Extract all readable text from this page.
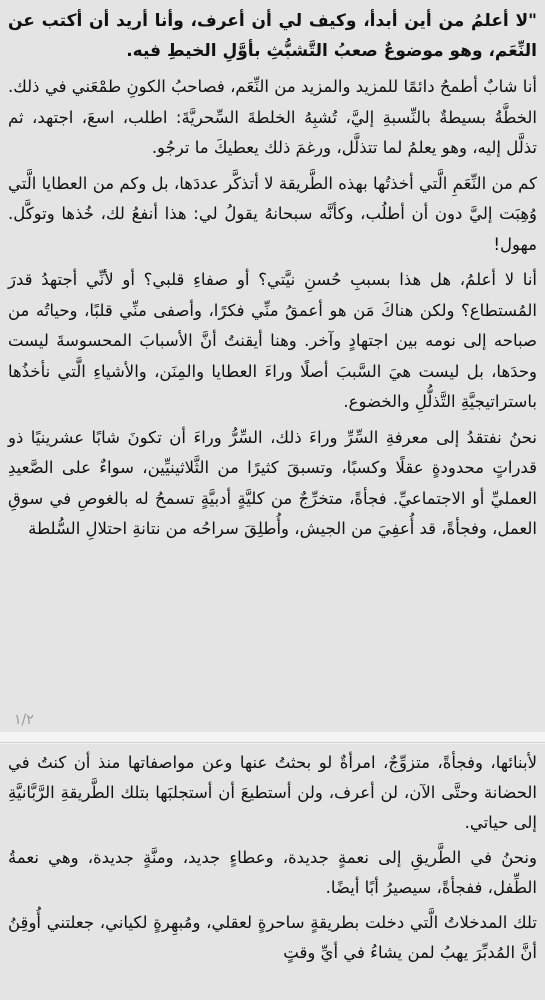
"لا أعلمُ من أين أبدأ، وكيف لي أن أعرف، وأنا أريد أن أكتب عن النِّعَم، وهو موضوعٌ صعبُ التَّشبُّثِ بأوَّلِ الخيطِ فيه.

أنا شابٌ أطمحُ دائمًا للمزيد والمزيد من النِّعَم، فصاحبُ الكونِ طمْعَني في ذلك. الخطَّةُ بسيطةٌ بالنِّسبةِ إليَّ، تُشبِهُ الخلطةَ السِّحريَّةَ: اطلب، اسعَ، اجتهد، ثم تذلَّل إليه، وهو يعلمُ لما تتذلَّل، ورغمَ ذلك يعطيكَ ما ترجُو.

كم من النِّعَمِ الَّتي أخذتُها بهذه الطَّريقة لا أتذكَّر عددَها، بل وكم من العطايا الَّتي وُهِبَت إليَّ دون أن أطلُب، وكأنَّه سبحانهُ يقولُ لي: هذا أنفعُ لك، خُذها وتوكَّل. مهول!

أنا لا أعلمُ، هل هذا بسببِ حُسنِ نيَّتي؟ أو صفاءِ قلبي؟ أو لأنِّي أجتهدُ قدرَ المُستطاع؟ ولكن هناكَ مَن هو أعمقُ منِّي فكرًا، وأصفى منِّي قلبًا، وحياتُه من صباحه إلى نومه بين اجتهادٍ وآخر. وهنا أيقنتُ أنَّ الأسبابَ المحسوسةَ ليست وحدَها، بل ليست هيَ السَّببَ أصلًا وراءَ العطايا والمِنَن، والأشياءِ الَّتي نأخذُها باستراتيجيَّةِ التَّذلُّلِ والخضوع.

نحنُ نفتقدُ إلى معرفةِ السِّرِّ وراءَ ذلك، السِّرُّ وراءَ أن تكونَ شابًا عشرينيًا ذو قدراتٍ محدودةٍ عقلًا وكسبًا، وتسبقَ كثيرًا من الثَّلاثينيِّين، سواءٌ على الصَّعيدِ العمليِّ أو الاجتماعيِّ. فجأةً، متخرِّجٌ من كليَّةٍ أدبيَّةٍ تسمحُ له بالغوصِ في سوقِ العمل، وفجأةً، قد أُعفِيَ من الجيش، وأُطلِقَ سراحُه من نتانةِ احتلالِ السُّلطة

١/٢

لأبنائها، وفجأةً، متزوِّجٌ، امرأةٌ لو بحثتُ عنها وعن مواصفاتها منذ أن كنتُ في الحضانة وحتَّى الآن، لن أعرف، ولن أستطيعَ أن أستجلبَها بتلك الطَّريقةِ الرَّبَّانيَّةِ إلى حياتي.

ونحنُ في الطَّريقِ إلى نعمةٍ جديدة، وعطاءٍ جديد، ومنَّةٍ جديدة، وهي نعمةُ الطِّفل، ففجأةً، سيصيرُ أبًا أيضًا.

تلك المدخلاتُ الَّتي دخلت بطريقةٍ ساحرةٍ لعقلي، ومُبهِرةٍ لكياني، جعلتني أُوقِنُ أنَّ المُدبِّرَ يهبُ لمن يشاءُ في أيِّ وقتٍ
